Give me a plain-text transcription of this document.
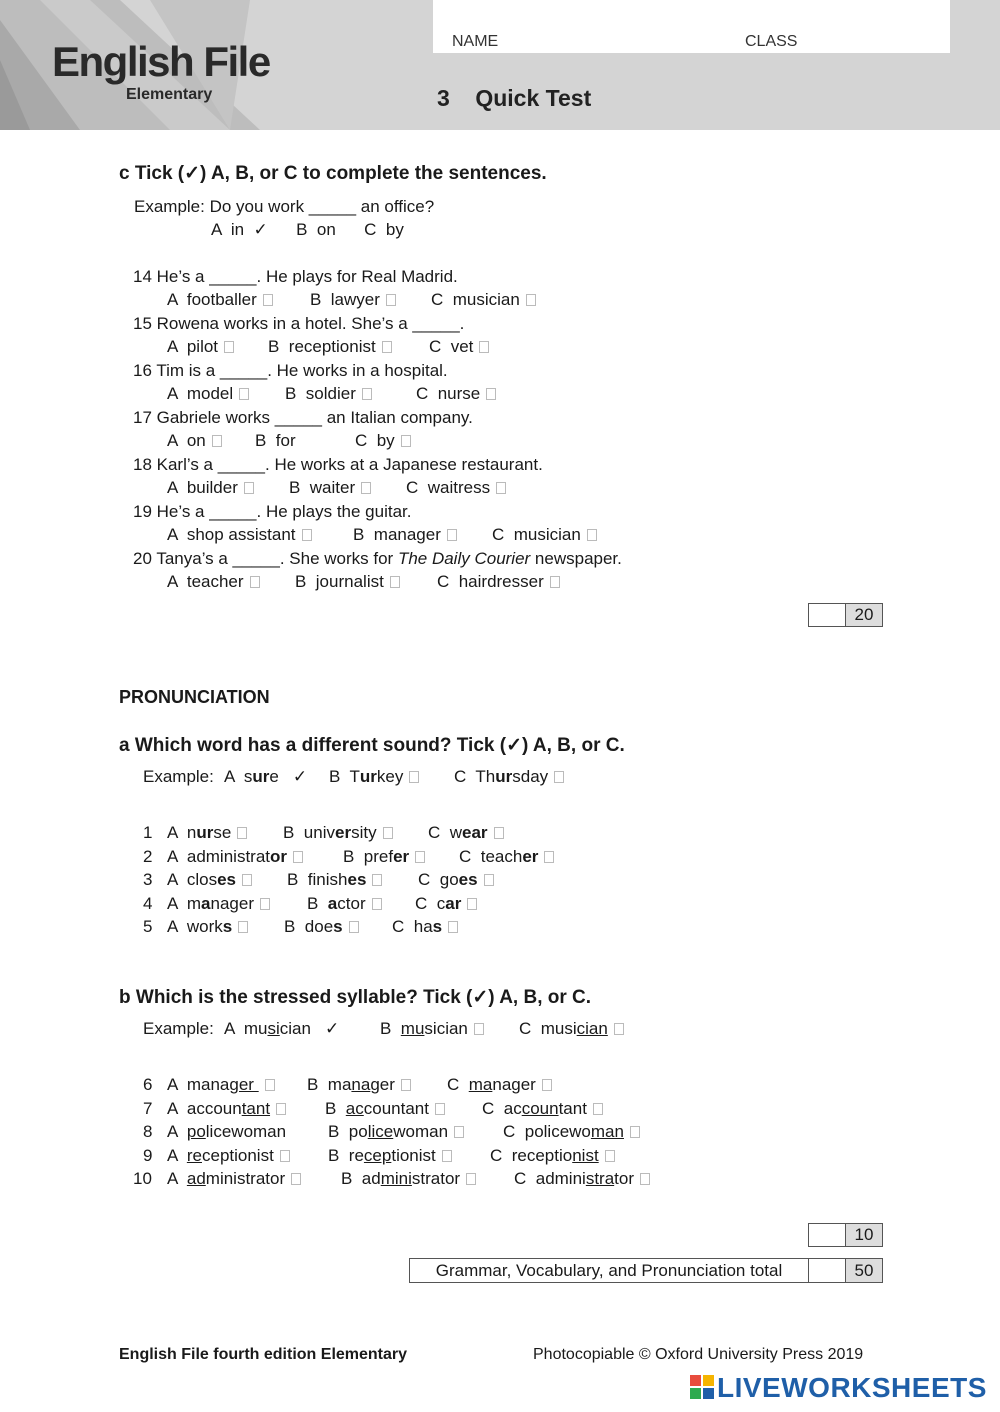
English File
Elementary
NAME	CLASS
3    Quick Test
c Tick (✓) A, B, or C to complete the sentences.
Example: Do you work _____ an office?
A  in  ✓      B  on      C  by
14 He’s a _____. He plays for Real Madrid.
A  footballer	B  lawyer	C  musician
15 Rowena works in a hotel. She’s a _____.
A  pilot	B  receptionist	C  vet
16 Tim is a _____. He works in a hospital.
A  model	B  soldier	C  nurse
17 Gabriele works _____ an Italian company.
A  on	B  for	C  by
18 Karl’s a _____. He works at a Japanese restaurant.
A  builder	B  waiter	C  waitress
19 He’s a _____. He plays the guitar.
A  shop assistant	B  manager	C  musician
20 Tanya’s a _____. She works for The Daily Courier newspaper.
A  teacher	B  journalist	C  hairdresser
20
PRONUNCIATION
a Which word has a different sound? Tick (✓) A, B, or C.
Example: A sure ✓ B Turkey	C Thursday
1 A nurse	B university	C wear
2 A administrator	B prefer	C teacher
3 A closes	B finishes	C goes
4 A manager	B actor	C car
5 A works	B does	C has
b Which is the stressed syllable? Tick (✓) A, B, or C.
Example: A musician ✓ B musician	C musician
6 A manager	B manager	C manager
7 A accountant	B accountant	C accountant
8 A policewoman B policewoman	C policewoman
9 A receptionist	B receptionist	C receptionist
10 A administrator	B administrator	C administrator
10
Grammar, Vocabulary, and Pronunciation total	50
English File fourth edition Elementary	Photocopiable © Oxford University Press 2019
LIVEWORKSHEETS
